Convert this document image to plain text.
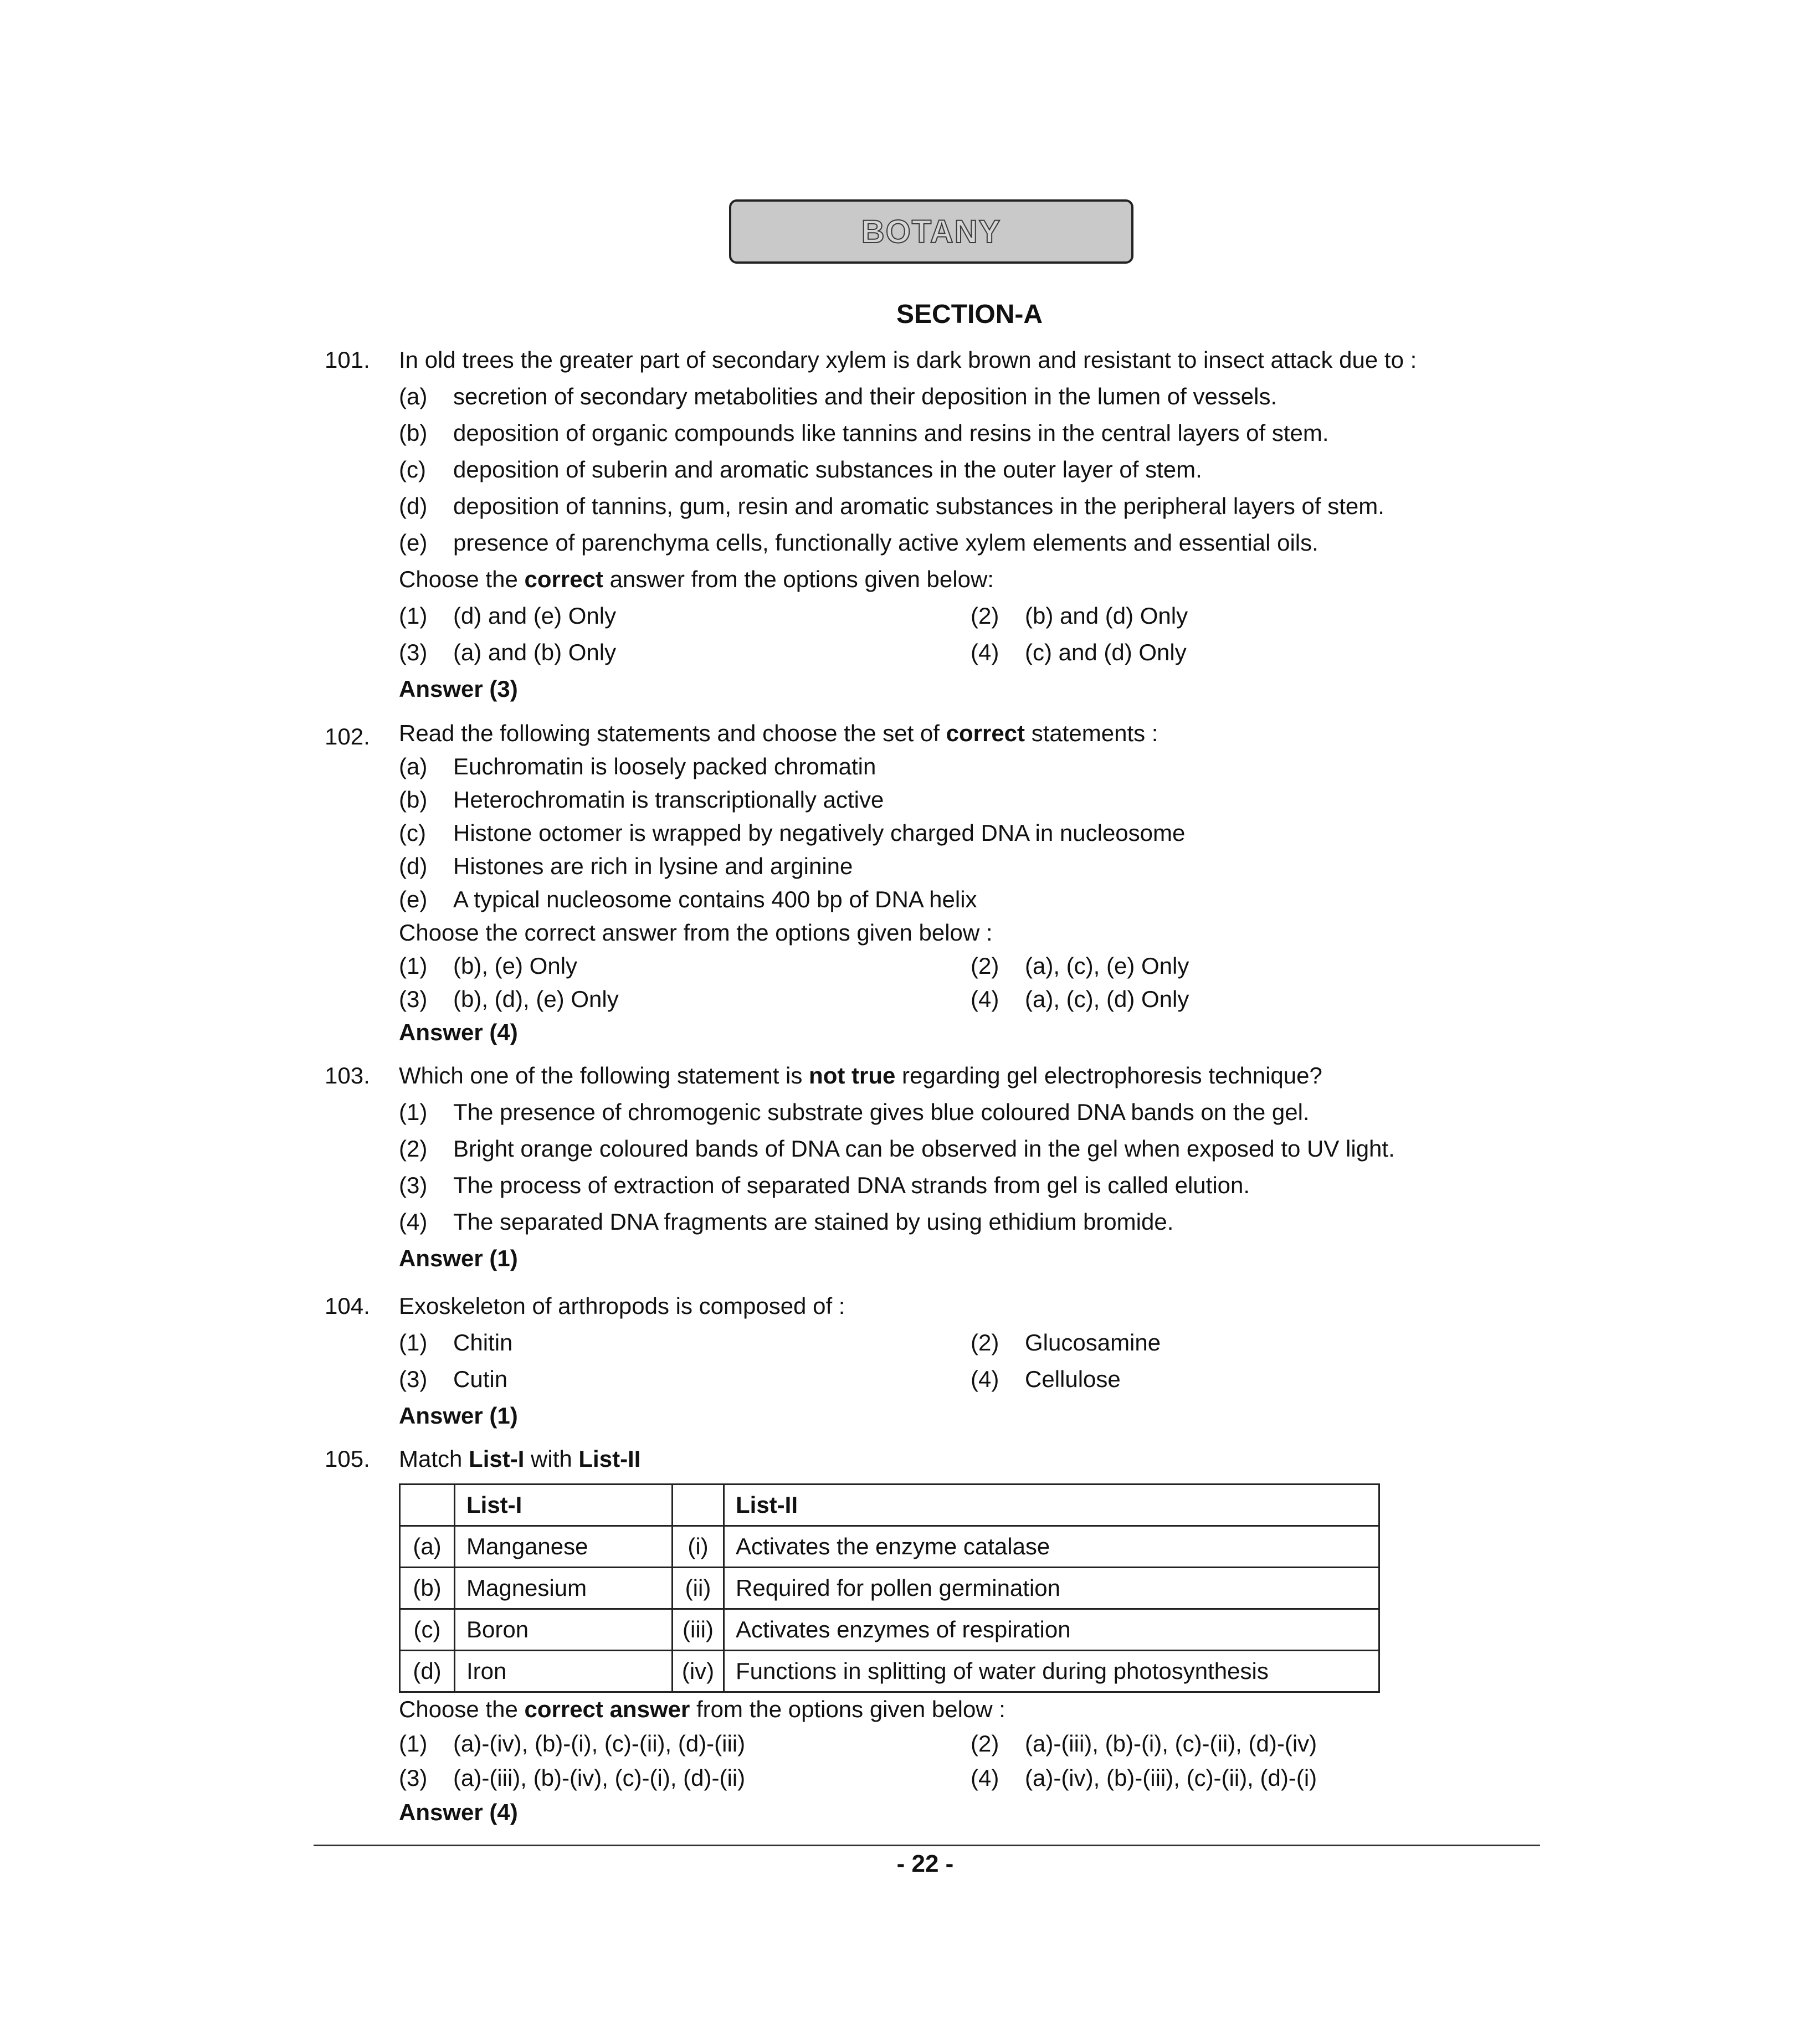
BOTANY
SECTION-A
101. In old trees the greater part of secondary xylem is dark brown and resistant to insect attack due to :
(a) secretion of secondary metabolities and their deposition in the lumen of vessels.
(b) deposition of organic compounds like tannins and resins in the central layers of stem.
(c) deposition of suberin and aromatic substances in the outer layer of stem.
(d) deposition of tannins, gum, resin and aromatic substances in the peripheral layers of stem.
(e) presence of parenchyma cells, functionally active xylem elements and essential oils.
Choose the correct answer from the options given below:
(1) (d) and (e) Only	(2) (b) and (d) Only
(3) (a) and (b) Only	(4) (c) and (d) Only
Answer (3)
102. Read the following statements and choose the set of correct statements :
(a) Euchromatin is loosely packed chromatin
(b) Heterochromatin is transcriptionally active
(c) Histone octomer is wrapped by negatively charged DNA in nucleosome
(d) Histones are rich in lysine and arginine
(e) A typical nucleosome contains 400 bp of DNA helix
Choose the correct answer from the options given below :
(1) (b), (e) Only	(2) (a), (c), (e) Only
(3) (b), (d), (e) Only	(4) (a), (c), (d) Only
Answer (4)
103. Which one of the following statement is not true regarding gel electrophoresis technique?
(1) The presence of chromogenic substrate gives blue coloured DNA bands on the gel.
(2) Bright orange coloured bands of DNA can be observed in the gel when exposed to UV light.
(3) The process of extraction of separated DNA strands from gel is called elution.
(4) The separated DNA fragments are stained by using ethidium bromide.
Answer (1)
104. Exoskeleton of arthropods is composed of :
(1) Chitin	(2) Glucosamine
(3) Cutin	(4) Cellulose
Answer (1)
105. Match List-I with List-II
	List-I		List-II
(a)	Manganese	(i)	Activates the enzyme catalase
(b)	Magnesium	(ii)	Required for pollen germination
(c)	Boron	(iii)	Activates enzymes of respiration
(d)	Iron	(iv)	Functions in splitting of water during photosynthesis
Choose the correct answer from the options given below :
(1) (a)-(iv), (b)-(i), (c)-(ii), (d)-(iii)	(2) (a)-(iii), (b)-(i), (c)-(ii), (d)-(iv)
(3) (a)-(iii), (b)-(iv), (c)-(i), (d)-(ii)	(4) (a)-(iv), (b)-(iii), (c)-(ii), (d)-(i)
Answer (4)
- 22 -
